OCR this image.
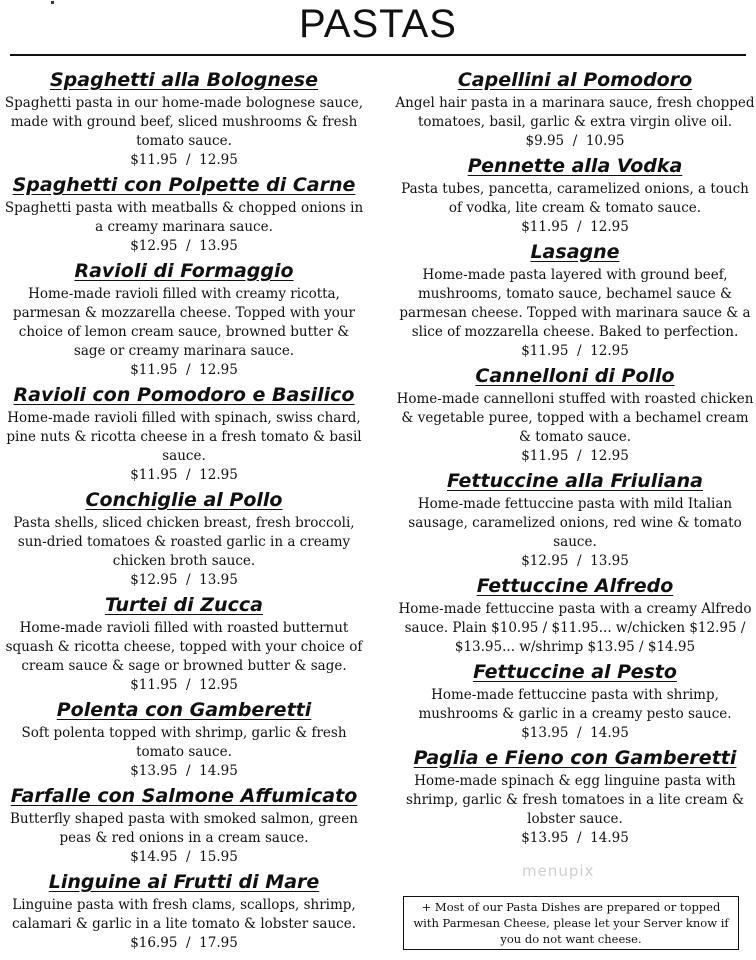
PASTAS
Spaghetti alla Bolognese
Spaghetti pasta in our home-made bolognese sauce, made with ground beef, sliced mushrooms & fresh tomato sauce.
$11.95  /  12.95
Spaghetti con Polpette di Carne
Spaghetti pasta with meatballs & chopped onions in a creamy marinara sauce.
$12.95  /  13.95
Ravioli di Formaggio
Home-made ravioli filled with creamy ricotta, parmesan & mozzarella cheese. Topped with your choice of lemon cream sauce, browned butter & sage or creamy marinara sauce.
$11.95  /  12.95
Ravioli con Pomodoro e Basilico
Home-made ravioli filled with spinach, swiss chard, pine nuts & ricotta cheese in a fresh tomato & basil sauce.
$11.95  /  12.95
Conchiglie al Pollo
Pasta shells, sliced chicken breast, fresh broccoli, sun-dried tomatoes & roasted garlic in a creamy chicken broth sauce.
$12.95  /  13.95
Turtei di Zucca
Home-made ravioli filled with roasted butternut squash & ricotta cheese, topped with your choice of cream sauce & sage or browned butter & sage.
$11.95  /  12.95
Polenta con Gamberetti
Soft polenta topped with shrimp, garlic & fresh tomato sauce.
$13.95  /  14.95
Farfalle con Salmone Affumicato
Butterfly shaped pasta with smoked salmon, green peas & red onions in a cream sauce.
$14.95  /  15.95
Linguine ai Frutti di Mare
Linguine pasta with fresh clams, scallops, shrimp, calamari & garlic in a lite tomato & lobster sauce.
$16.95  /  17.95
Capellini al Pomodoro
Angel hair pasta in a marinara sauce, fresh chopped tomatoes, basil, garlic & extra virgin olive oil.
$9.95  /  10.95
Pennette alla Vodka
Pasta tubes, pancetta, caramelized onions, a touch of vodka, lite cream & tomato sauce.
$11.95  /  12.95
Lasagne
Home-made pasta layered with ground beef, mushrooms, tomato sauce, bechamel sauce & parmesan cheese. Topped with marinara sauce & a slice of mozzarella cheese. Baked to perfection.
$11.95  /  12.95
Cannelloni di Pollo
Home-made cannelloni stuffed with roasted chicken & vegetable puree, topped with a bechamel cream & tomato sauce.
$11.95  /  12.95
Fettuccine alla Friuliana
Home-made fettuccine pasta with mild Italian sausage, caramelized onions, red wine & tomato sauce.
$12.95  /  13.95
Fettuccine Alfredo
Home-made fettuccine pasta with a creamy Alfredo sauce. Plain $10.95 / $11.95... w/chicken $12.95 / $13.95... w/shrimp $13.95 / $14.95
Fettuccine al Pesto
Home-made fettuccine pasta with shrimp, mushrooms & garlic in a creamy pesto sauce.
$13.95  /  14.95
Paglia e Fieno con Gamberetti
Home-made spinach & egg linguine pasta with shrimp, garlic & fresh tomatoes in a lite cream & lobster sauce.
$13.95  /  14.95
menupix
+ Most of our Pasta Dishes are prepared or topped with Parmesan Cheese, please let your Server know if you do not want cheese.
